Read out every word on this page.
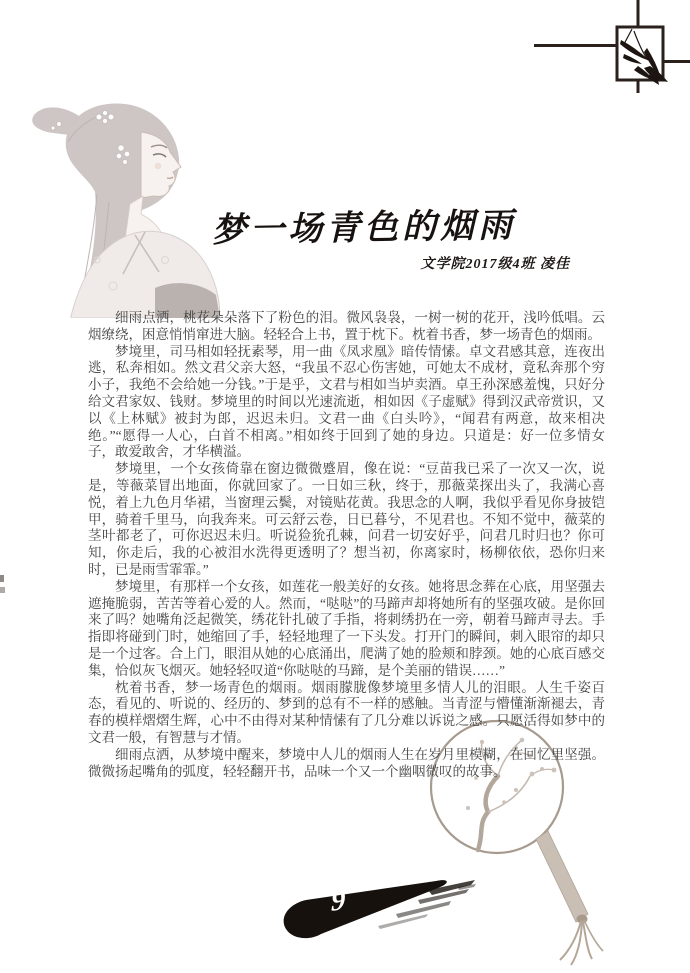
梦一场青色的烟雨
文学院2017级4班 凌佳

细雨点洒，桃花朵朵落下了粉色的泪。微风袅袅，一树一树的花开，浅吟低唱。云烟缭绕，困意悄悄窜进大脑。轻轻合上书，置于枕下。枕着书香，梦一场青色的烟雨。

梦境里，司马相如轻抚素琴，用一曲《凤求凰》暗传情愫。卓文君感其意，连夜出逃，私奔相如。然文君父亲大怒，“我虽不忍心伤害她，可她太不成材，竟私奔那个穷小子，我绝不会给她一分钱。”于是乎，文君与相如当垆卖酒。卓王孙深感羞愧，只好分给文君家奴、钱财。梦境里的时间以光速流逝，相如因《子虚赋》得到汉武帝赏识，又以《上林赋》被封为郎，迟迟未归。文君一曲《白头吟》，“闻君有两意，故来相决绝。”“愿得一人心，白首不相离。”相如终于回到了她的身边。只道是：好一位多情女子，敢爱敢舍，才华横溢。

梦境里，一个女孩倚靠在窗边微微蹙眉，像在说：“豆苗我已采了一次又一次，说是，等薇菜冒出地面，你就回家了。一日如三秋，终于，那薇菜探出头了，我满心喜悦，着上九色月华裙，当窗理云鬓，对镜贴花黄。我思念的人啊，我似乎看见你身披铠甲，骑着千里马，向我奔来。可云舒云卷，日已暮兮，不见君也。不知不觉中，薇菜的茎叶都老了，可你迟迟未归。听说猃狁孔棘，问君一切安好乎，问君几时归也？你可知，你走后，我的心被泪水洗得更透明了？想当初，你离家时，杨柳依依，恐你归来时，已是雨雪霏霏。”

梦境里，有那样一个女孩，如莲花一般美好的女孩。她将思念葬在心底，用坚强去遮掩脆弱，苦苦等着心爱的人。然而，“哒哒”的马蹄声却将她所有的坚强攻破。是你回来了吗？她嘴角泛起微笑，绣花针扎破了手指，将刺绣扔在一旁，朝着马蹄声寻去。手指即将碰到门时，她缩回了手，轻轻地理了一下头发。打开门的瞬间，刺入眼帘的却只是一个过客。合上门，眼泪从她的心底涌出，爬满了她的脸颊和脖颈。她的心底百感交集，恰似灰飞烟灭。她轻轻叹道“你哒哒的马蹄，是个美丽的错误……”

枕着书香，梦一场青色的烟雨。烟雨朦胧像梦境里多情人儿的泪眼。人生千姿百态，看见的、听说的、经历的、梦到的总有不一样的感触。当青涩与懵懂渐渐褪去，青春的模样熠熠生辉，心中不由得对某种情愫有了几分难以诉说之感。只愿活得如梦中的文君一般，有智慧与才情。

细雨点洒，从梦境中醒来，梦境中人儿的烟雨人生在岁月里模糊，在回忆里坚强。微微扬起嘴角的弧度，轻轻翻开书，品味一个又一个幽咽微叹的故事。

9
